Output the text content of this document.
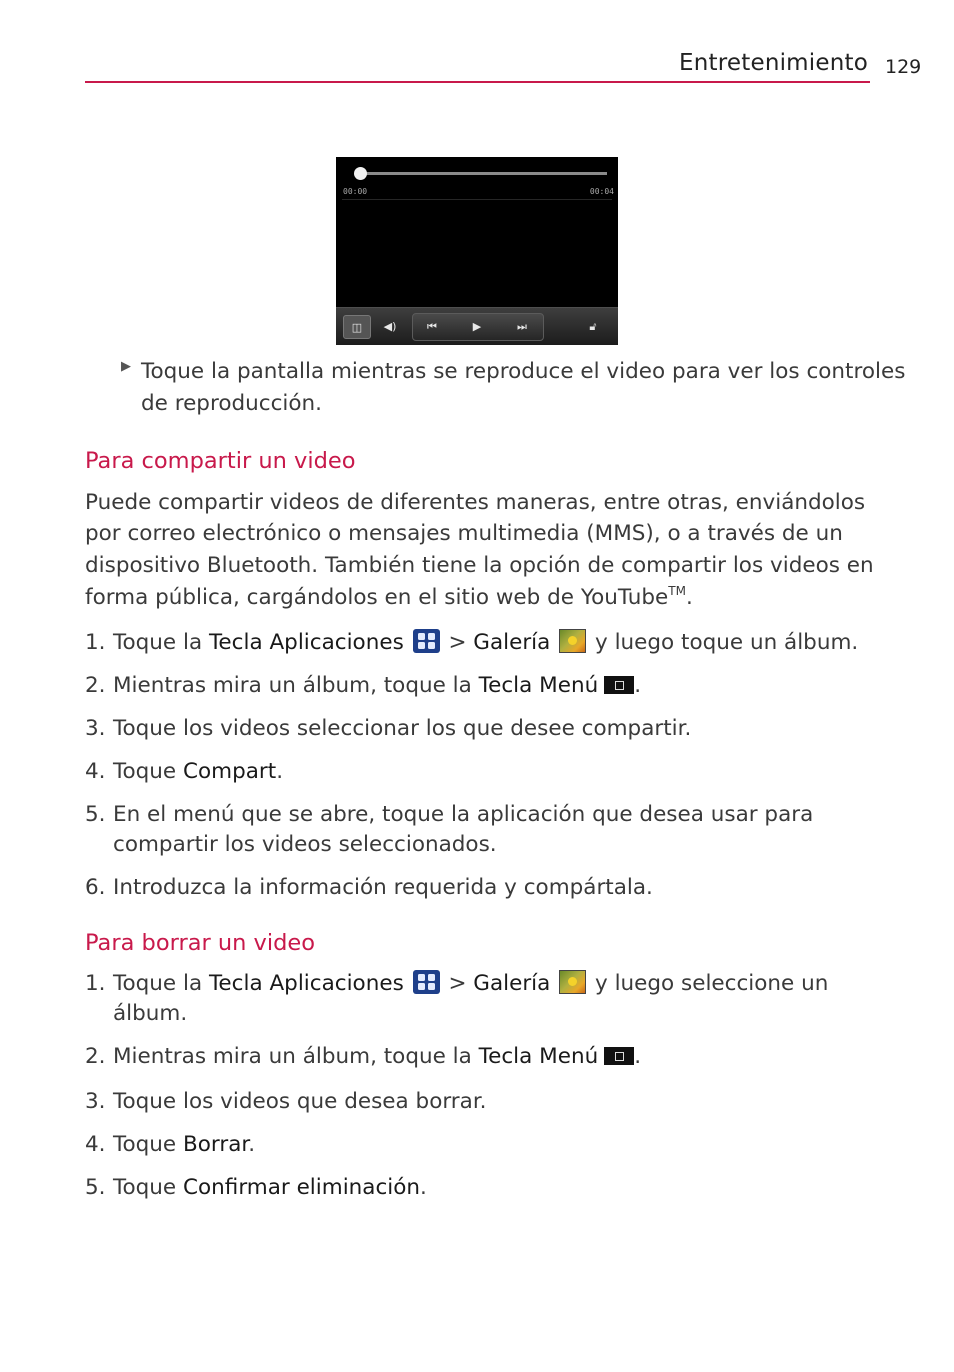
Entretenimiento 129
00:00	00:04
◫	◀)	⏮	▶	⏭	🔓︎
▶ Toque la pantalla mientras se reproduce el video para ver los controles
de reproducción.
Para compartir un video
Puede compartir videos de diferentes maneras, entre otras, enviándolos
por correo electrónico o mensajes multimedia (MMS), o a través de un
dispositivo Bluetooth. También tiene la opción de compartir los videos en
forma pública, cargándolos en el sitio web de YouTube™.
1. Toque la Tecla Aplicaciones
> Galería  y luego toque un álbum.
2. Mientras mira un álbum, toque la Tecla Menú .
3. Toque los videos seleccionar los que desee compartir.
4. Toque Compart.
5. En el menú que se abre, toque la aplicación que desea usar para
compartir los videos seleccionados.
6. Introduzca la información requerida y compártala.
Para borrar un video
1. Toque la Tecla Aplicaciones
> Galería  y luego seleccione un
álbum.
2. Mientras mira un álbum, toque la Tecla Menú .
3. Toque los videos que desea borrar.
4. Toque Borrar.
5. Toque Confirmar eliminación.
